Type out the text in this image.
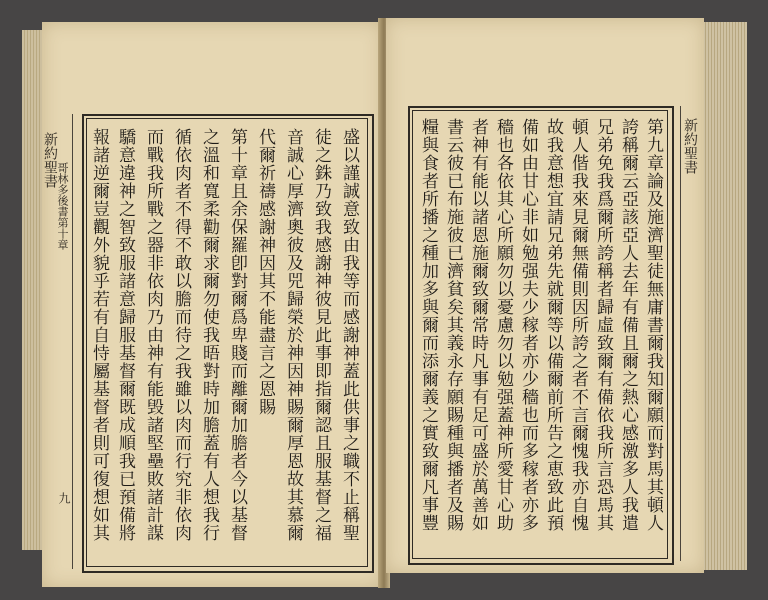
盛以謹誠意致由我等而感謝神蓋此供事之職不止稱聖
徒之銖乃致我感謝神彼見此事即指爾認且服基督之福
音誠心厚濟奧彼及兕歸榮於神因神賜爾厚恩故其慕爾
代爾祈禱感謝神因其不能盡言之恩賜
第十章且余保羅卽對爾爲卑賤而離爾加膽者今以基督
之溫和寬柔勸爾求爾勿使我晤對時加膽蓋有人想我行
循依肉者不得不敢以膽而待之我雖以肉而行究非依肉
而戰我所戰之器非依肉乃由神有能毁諸堅壘敗諸計謀
驕意違神之智致服諸意歸服基督爾既成順我已預備將
報諸逆爾豈觀外貌乎若有自恃屬基督者則可復想如其
哥林多後書第十章
新約聖書
九	第九章論及施濟聖徒無庸書爾我知爾願而對馬其頓人
誇稱爾云亞該亞人去年有備且爾之熱心感激多人我遣
兄弟免我爲爾所誇稱者歸虛致爾有備依我所言恐馬其
頓人偕我來見爾無備則因所誇之者不言爾愧我亦自愧
故我意想宜請兄弟先就爾等以備爾前所告之恵致此預
備如由甘心非如勉强夫少稼者亦少穡也而多稼者亦多
穡也各依其心所願勿以憂慮勿以勉强蓋神所愛甘心助
者神有能以諸恩施爾致爾常時凡事有足可盛於萬善如
書云彼已布施彼已濟貧矣其義永存願賜種與播者及賜
糧與食者所播之種加多與爾而添爾義之實致爾凡事豐	新約聖書
